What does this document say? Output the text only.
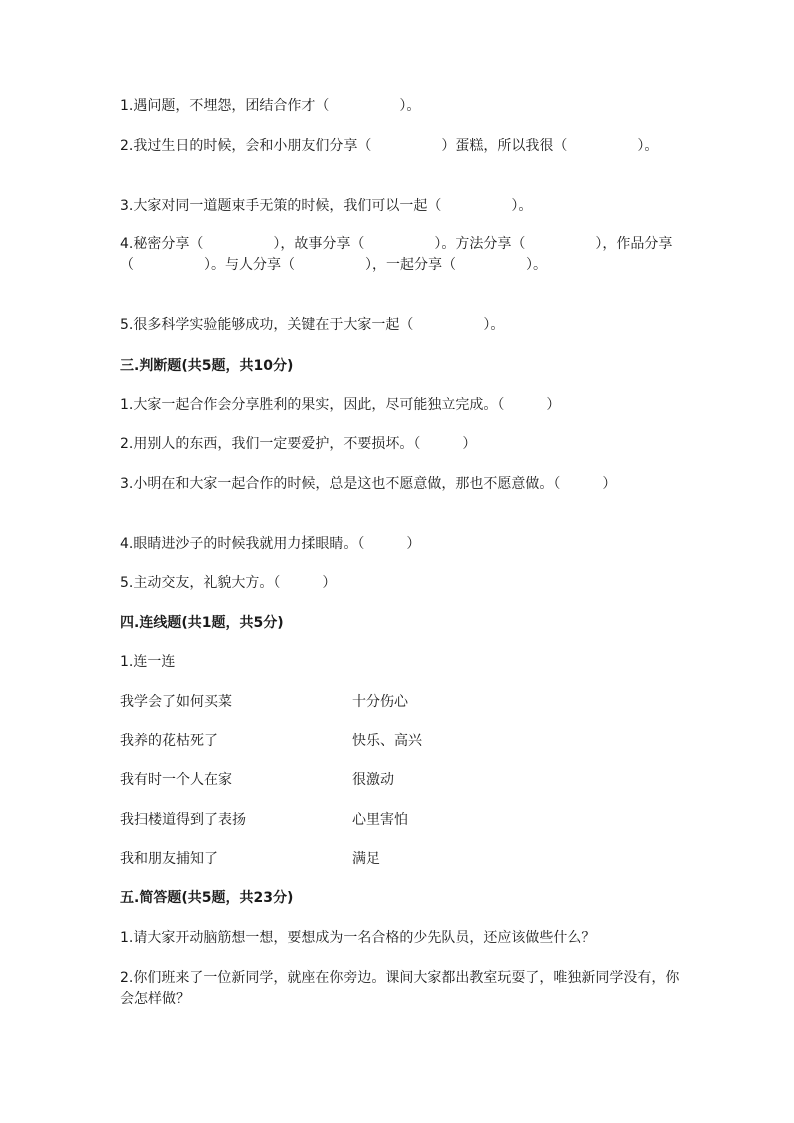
1.遇问题，不埋怨，团结合作才（　　　　　）。

2.我过生日的时候，会和小朋友们分享（　　　　　）蛋糕，所以我很（　　　　　）。

3.大家对同一道题束手无策的时候，我们可以一起（　　　　　）。

4.秘密分享（　　　　　），故事分享（　　　　　）。方法分享（　　　　　），作品分享（　　　　　）。与人分享（　　　　　），一起分享（　　　　　）。

5.很多科学实验能够成功，关键在于大家一起（　　　　　）。

三.判断题(共5题，共10分)

1.大家一起合作会分享胜利的果实，因此，尽可能独立完成。（　　　）

2.用别人的东西，我们一定要爱护，不要损坏。（　　　）

3.小明在和大家一起合作的时候，总是这也不愿意做，那也不愿意做。（　　　）

4.眼睛进沙子的时候我就用力揉眼睛。（　　　）

5.主动交友，礼貌大方。（　　　）

四.连线题(共1题，共5分)

1.连一连

我学会了如何买菜	十分伤心
我养的花枯死了	快乐、高兴
我有时一个人在家	很激动
我扫楼道得到了表扬	心里害怕
我和朋友捕知了	满足

五.简答题(共5题，共23分)

1.请大家开动脑筋想一想，要想成为一名合格的少先队员，还应该做些什么？

2.你们班来了一位新同学，就座在你旁边。课间大家都出教室玩耍了，唯独新同学没有，你会怎样做？
